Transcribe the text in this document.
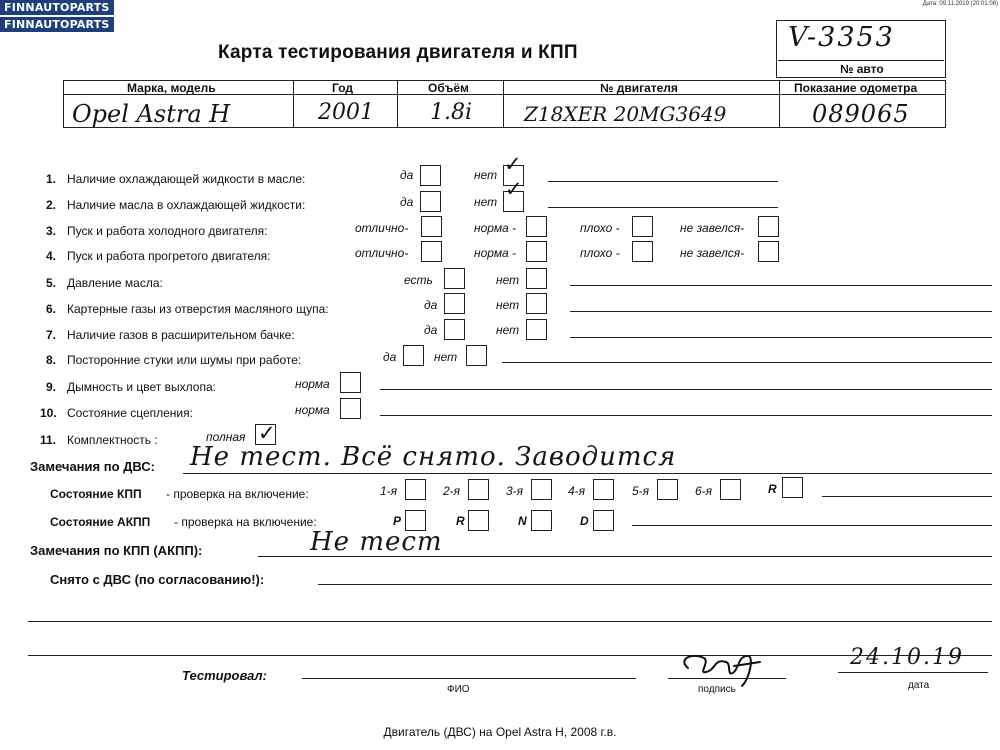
FINNAUTOPARTS
FINNAUTOPARTS
Дата: 09.11.2019 (20:01:08)
Карта тестирования двигателя и КПП	V-3353
№ авто
Марка, модель	Год	Объём	№ двигателя	Показание одометра
Opel Astra H	2001	1.8i	Z18XER 20MG3649	089065
1. Наличие охлаждающей жидкости в масле:	да	нет ✓
2. Наличие масла в охлаждающей жидкости:	да	нет
✓
3. Пуск и работа холодного двигателя:	отлично-	норма -	плохо -	не завелся-
4. Пуск и работа прогретого двигателя:	отлично-	норма -	плохо -	не завелся-
5. Давление масла:	есть	нет
6. Картерные газы из отверстия масляного щупа:	да	нет
7. Наличие газов в расширительном бачке:	да	нет
8. Посторонние стуки или шумы при работе:	да	нет
9. Дымность и цвет выхлопа:	норма
10. Состояние сцепления:	норма
11. Комплектность :	полная ✓
Замечания по ДВС: Не тест. Всё снято. Заводится
Состояние КПП - проверка на включение:	1-я	2-я	3-я	4-я	5-я	6-я	R
Состояние АКПП - проверка на включение:	P	R	N	D
Замечания по КПП (АКПП):	Не тест
Снято с ДВС (по согласованию!):
Тестировал:
ФИО	подпись
24.10.19
дата
Двигатель (ДВС) на Opel Astra H, 2008 г.в.
